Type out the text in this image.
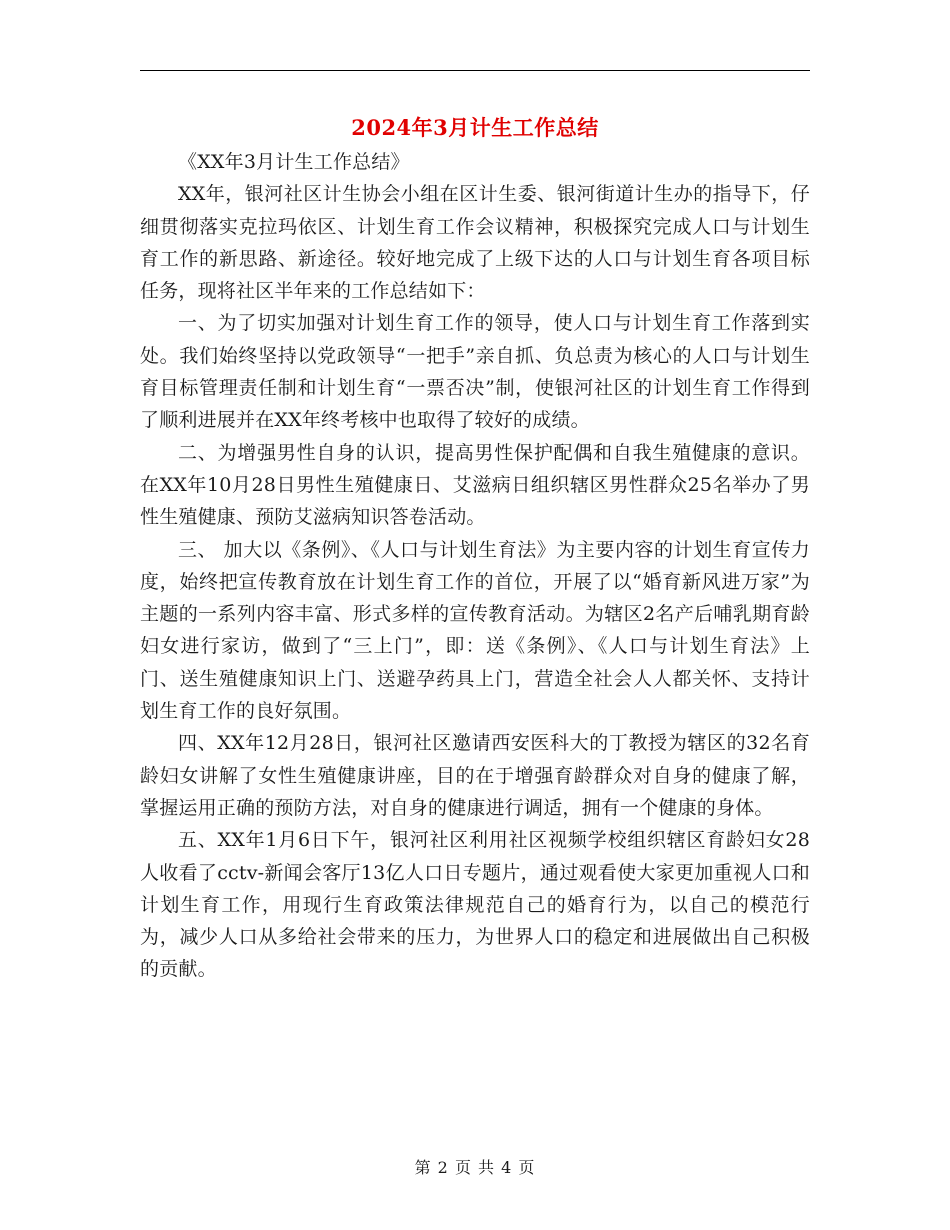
2024年3月计生工作总结

《XX年3月计生工作总结》

XX年，银河社区计生协会小组在区计生委、银河街道计生办的指导下，仔细贯彻落实克拉玛依区、计划生育工作会议精神，积极探究完成人口与计划生育工作的新思路、新途径。较好地完成了上级下达的人口与计划生育各项目标任务，现将社区半年来的工作总结如下：

一、为了切实加强对计划生育工作的领导，使人口与计划生育工作落到实处。我们始终坚持以党政领导“一把手”亲自抓、负总责为核心的人口与计划生育目标管理责任制和计划生育“一票否决”制，使银河社区的计划生育工作得到了顺利进展并在XX年终考核中也取得了较好的成绩。

二、为增强男性自身的认识，提高男性保护配偶和自我生殖健康的意识。在XX年10月28日男性生殖健康日、艾滋病日组织辖区男性群众25名举办了男性生殖健康、预防艾滋病知识答卷活动。

三、 加大以《条例》、《人口与计划生育法》为主要内容的计划生育宣传力度，始终把宣传教育放在计划生育工作的首位，开展了以“婚育新风进万家”为主题的一系列内容丰富、形式多样的宣传教育活动。为辖区2名产后哺乳期育龄妇女进行家访，做到了“三上门”，即：送《条例》、《人口与计划生育法》上门、送生殖健康知识上门、送避孕药具上门，营造全社会人人都关怀、支持计划生育工作的良好氛围。

四、XX年12月28日，银河社区邀请西安医科大的丁教授为辖区的32名育龄妇女讲解了女性生殖健康讲座，目的在于增强育龄群众对自身的健康了解，掌握运用正确的预防方法，对自身的健康进行调适，拥有一个健康的身体。

五、XX年1月6日下午，银河社区利用社区视频学校组织辖区育龄妇女28人收看了cctv-新闻会客厅13亿人口日专题片，通过观看使大家更加重视人口和计划生育工作，用现行生育政策法律规范自己的婚育行为，以自己的模范行为，减少人口从多给社会带来的压力，为世界人口的稳定和进展做出自己积极的贡献。

第 2 页 共 4 页
